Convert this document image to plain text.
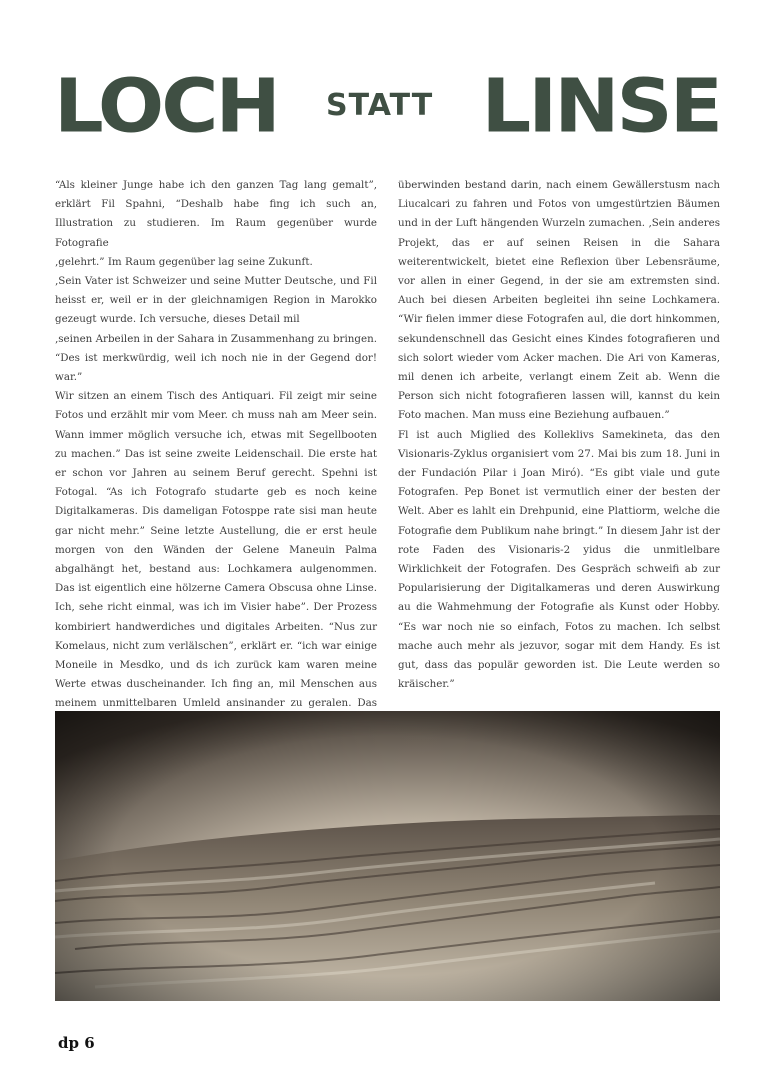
LOCH STATT LINSE

“Als kleiner Junge habe ich den ganzen Tag lang gemalt”, erklärt Fil Spahni, “Deshalb habe fing ich such an, Illustration zu studieren. Im Raum gegenüber wurde Fotografie

‚gelehrt.” Im Raum gegenüber lag seine Zukunft.

‚Sein Vater ist Schweizer und seine Mutter Deutsche, und Fil heisst er, weil er in der gleichnamigen Region in Marokko gezeugt wurde. Ich versuche, dieses Detail mil

‚seinen Arbeilen in der Sahara in Zusammenhang zu bringen. “Des ist merkwürdig, weil ich noch nie in der Gegend dor! war.”

Wir sitzen an einem Tisch des Antiquari. Fil zeigt mir seine Fotos und erzählt mir vom Meer. ch muss nah am Meer sein. Wann immer möglich versuche ich, etwas mit Segellbooten zu machen.” Das ist seine zweite Leidenschail. Die erste hat er schon vor Jahren au seinem Beruf gerecht. Spehni ist Fotogal. “As ich Fotografo studarte geb es noch keine Digitalkameras. Dis dameligan Fotosppe rate sisi man heute gar nicht mehr.” Seine letzte Austellung, die er erst heule morgen von den Wänden der Gelene Maneuin Palma abgalhängt het, bestand aus: Lochkamera aulgenommen. Das ist eigentlich eine hölzerne Camera Obscusa ohne Linse. Ich, sehe richt einmal, was ich im Visier habe”. Der Prozess kombiriert handwerdiches und digitales Arbeiten. “Nus zur Komelaus, nicht zum verlälschen”, erklärt er. “ich war einige Moneile in Mesdko, und ds ich zurück kam waren meine Werte etwas duscheinander. Ich fing an, mil Menschen aus meinem unmittelbaren Umleld ansinander zu geralen. Das

überwinden bestand darin, nach einem Gewällerstusm nach Liucalcari zu fahren und Fotos von umgestürtzien Bäumen und in der Luft hängenden Wurzeln zumachen. ‚Sein anderes Projekt, das er auf seinen Reisen in die Sahara weiterentwickelt, bietet eine Reflexion über Lebensräume, vor allen in einer Gegend, in der sie am extremsten sind. Auch bei diesen Arbeiten begleitei ihn seine Lochkamera. “Wir fielen immer diese Fotografen aul, die dort hinkommen, sekundenschnell das Gesicht eines Kindes fotografieren und sich solort wieder vom Acker machen. Die Ari von Kameras, mil denen ich arbeite, verlangt einem Zeit ab. Wenn die Person sich nicht fotografieren lassen will, kannst du kein Foto machen. Man muss eine Beziehung aufbauen.”

Fl ist auch Miglied des Kolleklivs Samekineta, das den Visionaris-Zyklus organisiert vom 27. Mai bis zum 18. Juni in der Fundación Pilar i Joan Miró). “Es gibt viale und gute Fotografen. Pep Bonet ist vermutlich einer der besten der Welt. Aber es lahlt ein Drehpunid, eine Plattiorm, welche die Fotografie dem Publikum nahe bringt.” In diesem Jahr ist der rote Faden des Visionaris-2 yidus die unmitlelbare Wirklichkeit der Fotografen. Des Gespräch schweifi ab zur Popularisierung der Digitalkameras und deren Auswirkung au die Wahmehmung der Fotografie als Kunst oder Hobby. “Es war noch nie so einfach, Fotos zu machen. Ich selbst mache auch mehr als jezuvor, sogar mit dem Handy. Es ist gut, dass das populär geworden ist. Die Leute werden so kräischer.”

dp 6
